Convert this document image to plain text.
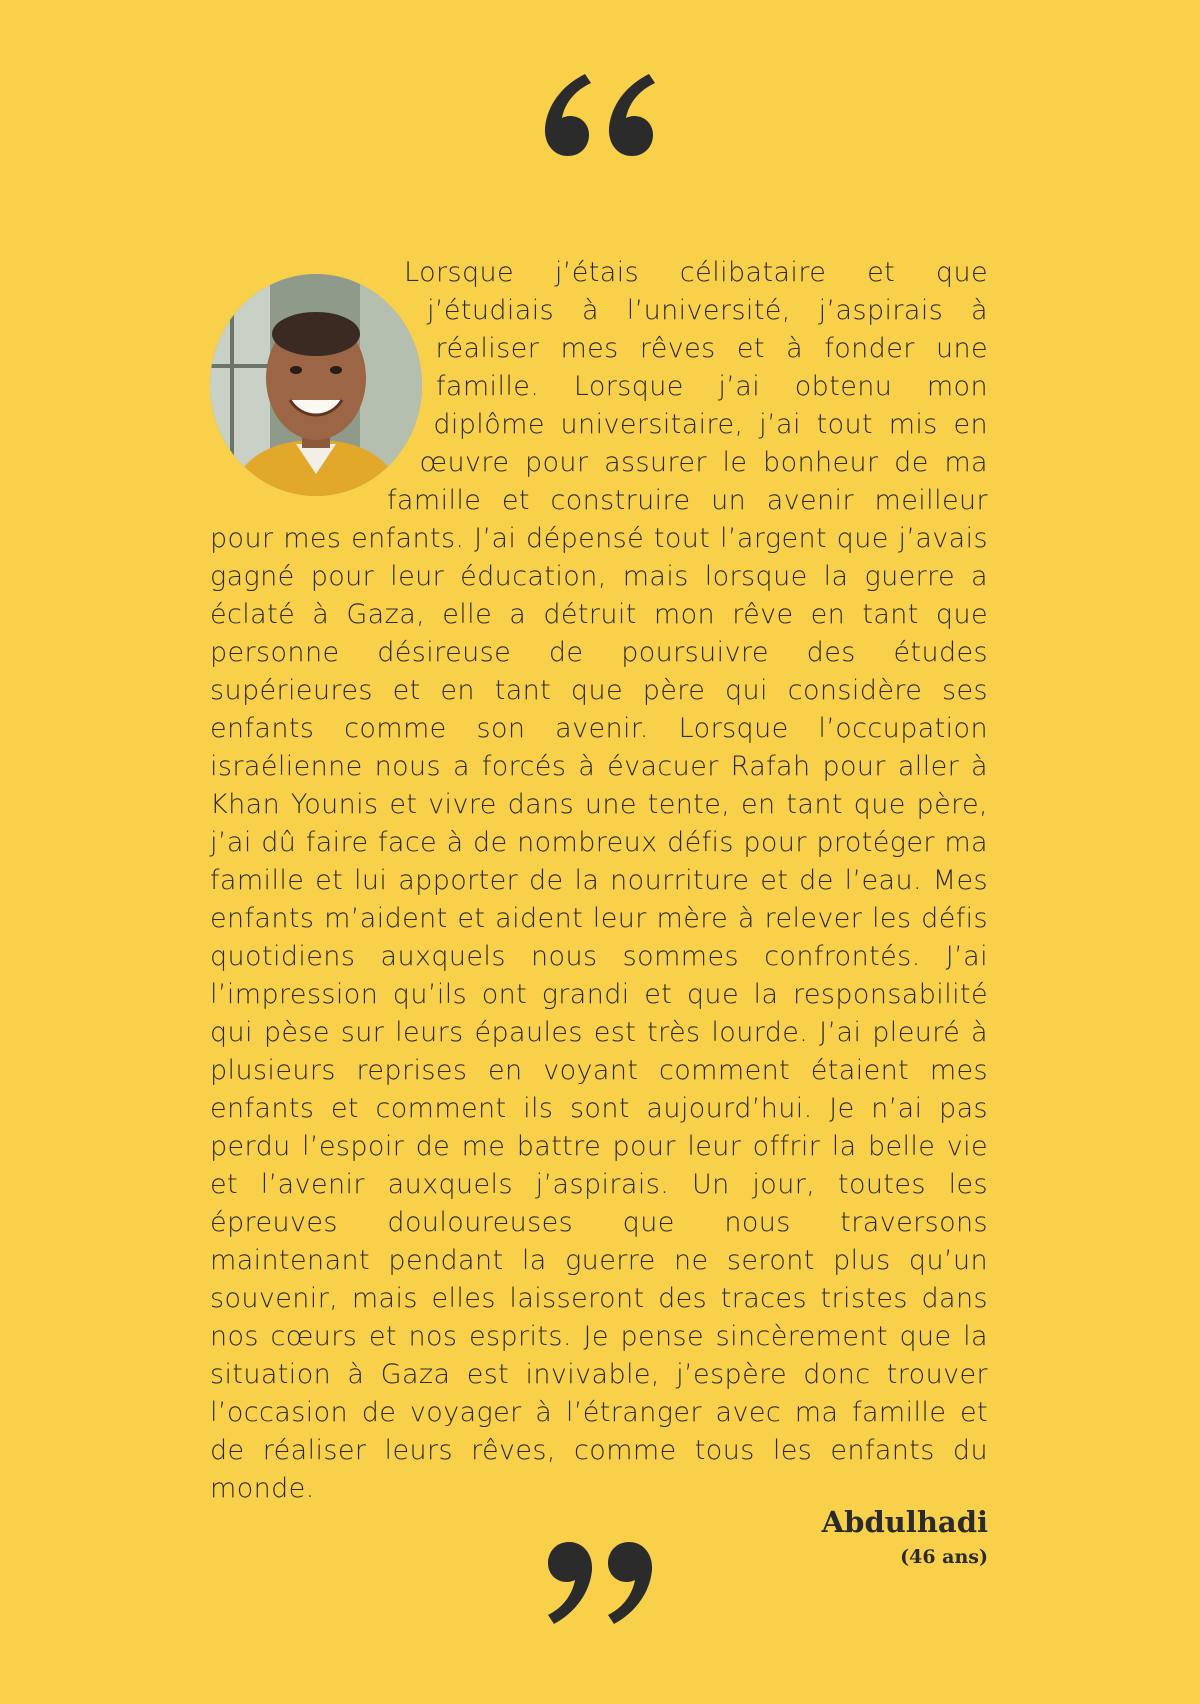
Lorsque j’étais célibataire et que j’étudiais à l’université, j’aspirais à réaliser mes rêves et à fonder une famille. Lorsque j’ai obtenu mon diplôme universitaire, j’ai tout mis en œuvre pour assurer le bonheur de ma famille et construire un avenir meilleur pour mes enfants. J’ai dépensé tout l’argent que j’avais gagné pour leur éducation, mais lorsque la guerre a éclaté à Gaza, elle a détruit mon rêve en tant que personne désireuse de poursuivre des études supérieures et en tant que père qui considère ses enfants comme son avenir. Lorsque l’occupation israélienne nous a forcés à évacuer Rafah pour aller à Khan Younis et vivre dans une tente, en tant que père, j’ai dû faire face à de nombreux défis pour protéger ma famille et lui apporter de la nourriture et de l’eau. Mes enfants m’aident et aident leur mère à relever les défis quotidiens auxquels nous sommes confrontés. J’ai l’impression qu’ils ont grandi et que la responsabilité qui pèse sur leurs épaules est très lourde. J’ai pleuré à plusieurs reprises en voyant comment étaient mes enfants et comment ils sont aujourd’hui. Je n’ai pas perdu l’espoir de me battre pour leur offrir la belle vie et l’avenir auxquels j’aspirais. Un jour, toutes les épreuves douloureuses que nous traversons maintenant pendant la guerre ne seront plus qu’un souvenir, mais elles laisseront des traces tristes dans nos cœurs et nos esprits. Je pense sincèrement que la situation à Gaza est invivable, j’espère donc trouver l’occasion de voyager à l’étranger avec ma famille et de réaliser leurs rêves, comme tous les enfants du monde.
Abdulhadi
(46 ans)
